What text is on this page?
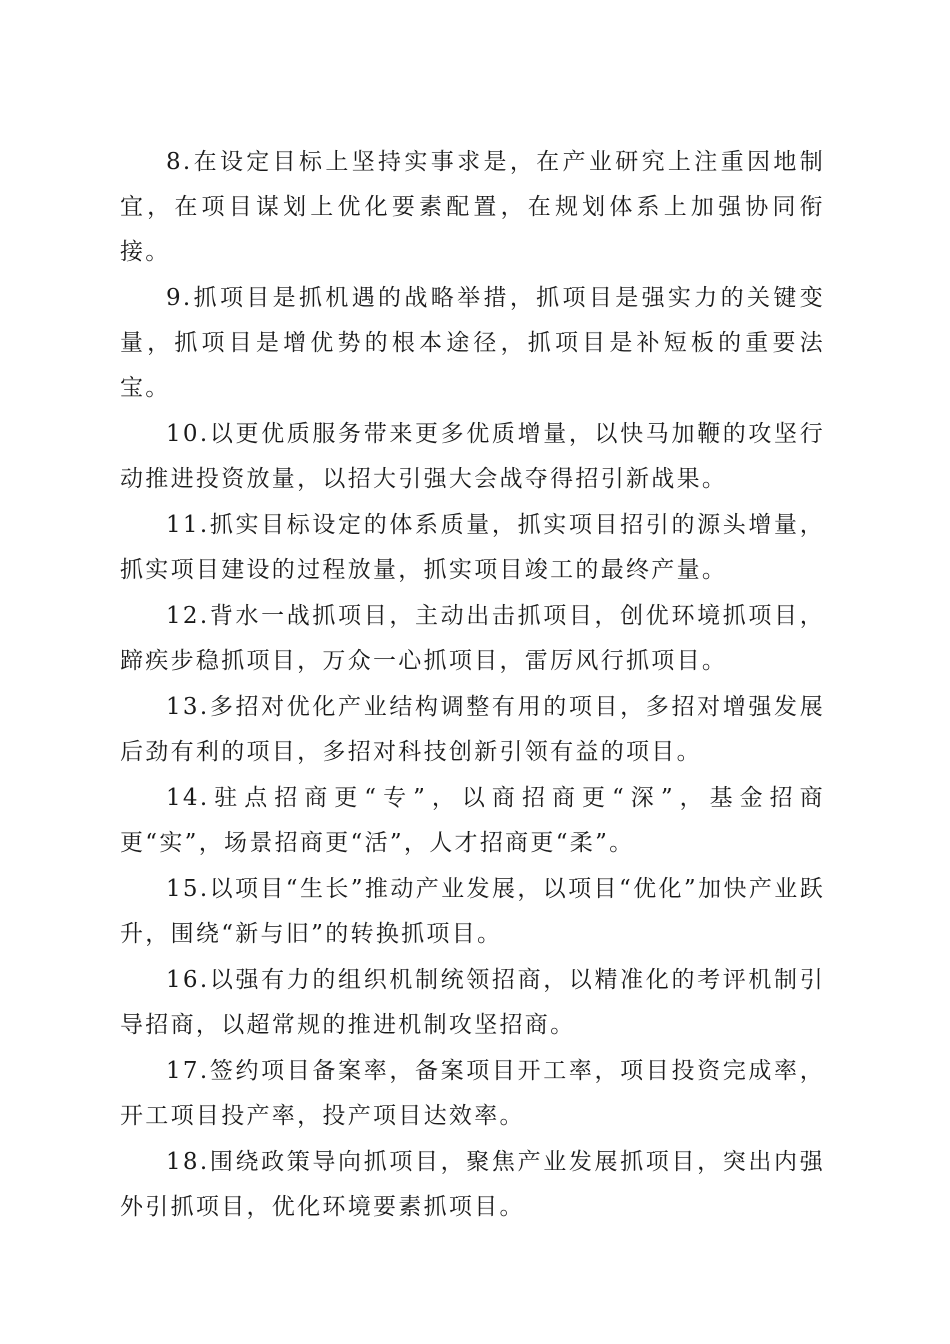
8.在设定目标上坚持实事求是，在产业研究上注重因地制宜，在项目谋划上优化要素配置，在规划体系上加强协同衔接。

9.抓项目是抓机遇的战略举措，抓项目是强实力的关键变量，抓项目是增优势的根本途径，抓项目是补短板的重要法宝。

10.以更优质服务带来更多优质增量，以快马加鞭的攻坚行动推进投资放量，以招大引强大会战夺得招引新战果。

11.抓实目标设定的体系质量，抓实项目招引的源头增量，抓实项目建设的过程放量，抓实项目竣工的最终产量。

12.背水一战抓项目，主动出击抓项目，创优环境抓项目，蹄疾步稳抓项目，万众一心抓项目，雷厉风行抓项目。

13.多招对优化产业结构调整有用的项目，多招对增强发展后劲有利的项目，多招对科技创新引领有益的项目。

14.驻点招商更“专”，以商招商更“深”，基金招商更“实”，场景招商更“活”，人才招商更“柔”。

15.以项目“生长”推动产业发展，以项目“优化”加快产业跃升，围绕“新与旧”的转换抓项目。

16.以强有力的组织机制统领招商，以精准化的考评机制引导招商，以超常规的推进机制攻坚招商。

17.签约项目备案率，备案项目开工率，项目投资完成率，开工项目投产率，投产项目达效率。

18.围绕政策导向抓项目，聚焦产业发展抓项目，突出内强外引抓项目，优化环境要素抓项目。
